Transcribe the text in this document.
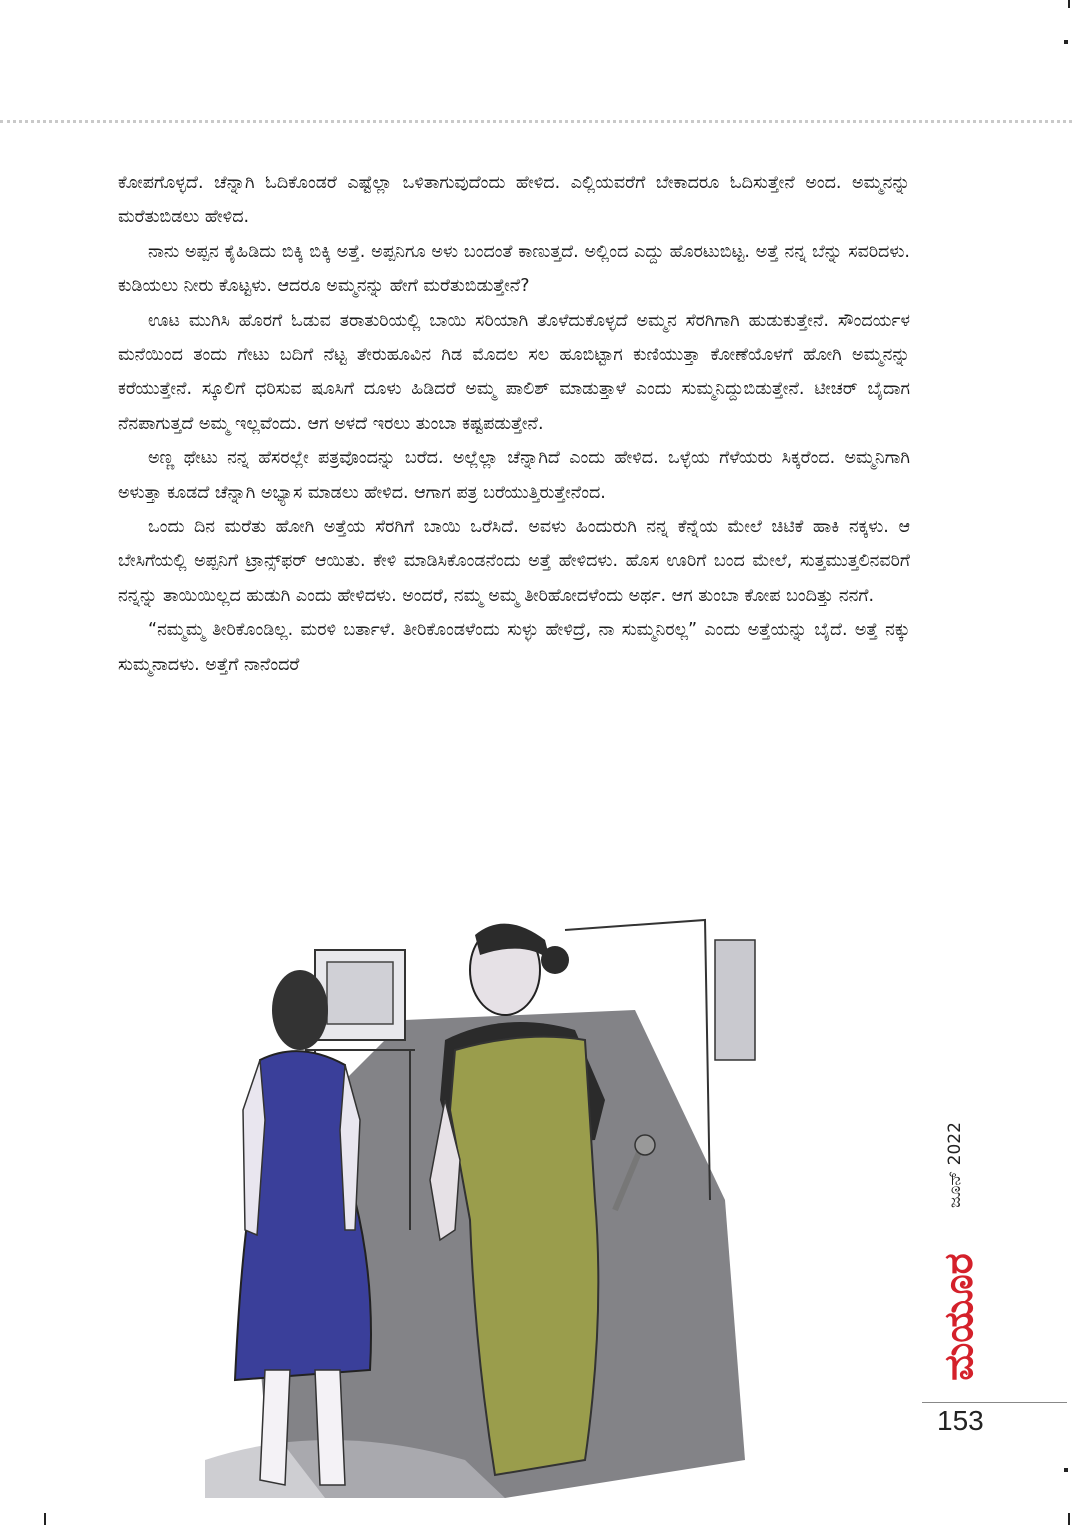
ಕೋಪಗೊಳ್ಳದೆ. ಚೆನ್ನಾಗಿ ಓದಿಕೊಂಡರೆ ಎಷ್ಟೆಲ್ಲಾ ಒಳಿತಾಗುವುದೆಂದು ಹೇಳಿದ. ಎಲ್ಲಿಯವರೆಗೆ ಬೇಕಾದರೂ ಓದಿಸುತ್ತೇನೆ ಅಂದ. ಅಮ್ಮನನ್ನು ಮರೆತುಬಿಡಲು ಹೇಳಿದ.

ನಾನು ಅಪ್ಪನ ಕೈಹಿಡಿದು ಬಿಕ್ಕಿ ಬಿಕ್ಕಿ ಅತ್ತೆ. ಅಪ್ಪನಿಗೂ ಅಳು ಬಂದಂತೆ ಕಾಣುತ್ತದೆ. ಅಲ್ಲಿಂದ ಎದ್ದು ಹೊರಟುಬಿಟ್ಟ. ಅತ್ತೆ ನನ್ನ ಬೆನ್ನು ಸವರಿದಳು. ಕುಡಿಯಲು ನೀರು ಕೊಟ್ಟಳು. ಆದರೂ ಅಮ್ಮನನ್ನು ಹೇಗೆ ಮರೆತುಬಿಡುತ್ತೇನೆ?

ಊಟ ಮುಗಿಸಿ ಹೊರಗೆ ಓಡುವ ತರಾತುರಿಯಲ್ಲಿ ಬಾಯಿ ಸರಿಯಾಗಿ ತೊಳೆದುಕೊಳ್ಳದೆ ಅಮ್ಮನ ಸೆರಗಿಗಾಗಿ ಹುಡುಕುತ್ತೇನೆ. ಸೌಂದರ್ಯಳ ಮನೆಯಿಂದ ತಂದು ಗೇಟು ಬದಿಗೆ ನೆಟ್ಟ ತೇರುಹೂವಿನ ಗಿಡ ಮೊದಲ ಸಲ ಹೂಬಿಟ್ಟಾಗ ಕುಣಿಯುತ್ತಾ ಕೋಣೆಯೊಳಗೆ ಹೋಗಿ ಅಮ್ಮನನ್ನು ಕರೆಯುತ್ತೇನೆ. ಸ್ಕೂಲಿಗೆ ಧರಿಸುವ ಷೂಸಿಗೆ ದೂಳು ಹಿಡಿದರೆ ಅಮ್ಮ ಪಾಲಿಶ್ ಮಾಡುತ್ತಾಳೆ ಎಂದು ಸುಮ್ಮನಿದ್ದುಬಿಡುತ್ತೇನೆ. ಟೀಚರ್ ಬೈದಾಗ ನೆನಪಾಗುತ್ತದೆ ಅಮ್ಮ ಇಲ್ಲವೆಂದು. ಆಗ ಅಳದೆ ಇರಲು ತುಂಬಾ ಕಷ್ಟಪಡುತ್ತೇನೆ.

ಅಣ್ಣ ಥೇಟು ನನ್ನ ಹೆಸರಲ್ಲೇ ಪತ್ರವೊಂದನ್ನು ಬರೆದ. ಅಲ್ಲೆಲ್ಲಾ ಚೆನ್ನಾಗಿದೆ ಎಂದು ಹೇಳಿದ. ಒಳ್ಳೆಯ ಗೆಳೆಯರು ಸಿಕ್ಕರೆಂದ. ಅಮ್ಮನಿಗಾಗಿ ಅಳುತ್ತಾ ಕೂಡದೆ ಚೆನ್ನಾಗಿ ಅಭ್ಯಾಸ ಮಾಡಲು ಹೇಳಿದ. ಆಗಾಗ ಪತ್ರ ಬರೆಯುತ್ತಿರುತ್ತೇನೆಂದ.

ಒಂದು ದಿನ ಮರೆತು ಹೋಗಿ ಅತ್ತೆಯ ಸೆರಗಿಗೆ ಬಾಯಿ ಒರೆಸಿದೆ. ಅವಳು ಹಿಂದುರುಗಿ ನನ್ನ ಕೆನ್ನೆಯ ಮೇಲೆ ಚಿಟಿಕೆ ಹಾಕಿ ನಕ್ಕಳು. ಆ ಬೇಸಿಗೆಯಲ್ಲಿ ಅಪ್ಪನಿಗೆ ಟ್ರಾನ್ಸ್‌ಫರ್ ಆಯಿತು. ಕೇಳಿ ಮಾಡಿಸಿಕೊಂಡನೆಂದು ಅತ್ತೆ ಹೇಳಿದಳು. ಹೊಸ ಊರಿಗೆ ಬಂದ ಮೇಲೆ, ಸುತ್ತಮುತ್ತಲಿನವರಿಗೆ ನನ್ನನ್ನು ತಾಯಿಯಿಲ್ಲದ ಹುಡುಗಿ ಎಂದು ಹೇಳಿದಳು. ಅಂದರೆ, ನಮ್ಮ ಅಮ್ಮ ತೀರಿಹೋದಳೆಂದು ಅರ್ಥ. ಆಗ ತುಂಬಾ ಕೋಪ ಬಂದಿತ್ತು ನನಗೆ.

“ನಮ್ಮಮ್ಮ ತೀರಿಕೊಂಡಿಲ್ಲ. ಮರಳಿ ಬರ್ತಾಳೆ. ತೀರಿಕೊಂಡಳೆಂದು ಸುಳ್ಳು ಹೇಳಿದ್ರೆ, ನಾ ಸುಮ್ಮನಿರಲ್ಲ” ಎಂದು ಅತ್ತೆಯನ್ನು ಬೈದೆ. ಅತ್ತೆ ನಕ್ಕು ಸುಮ್ಮನಾದಳು. ಅತ್ತೆಗೆ ನಾನೆಂದರೆ

ಜೂನ್ 2022
ಮಯೂರ
153
